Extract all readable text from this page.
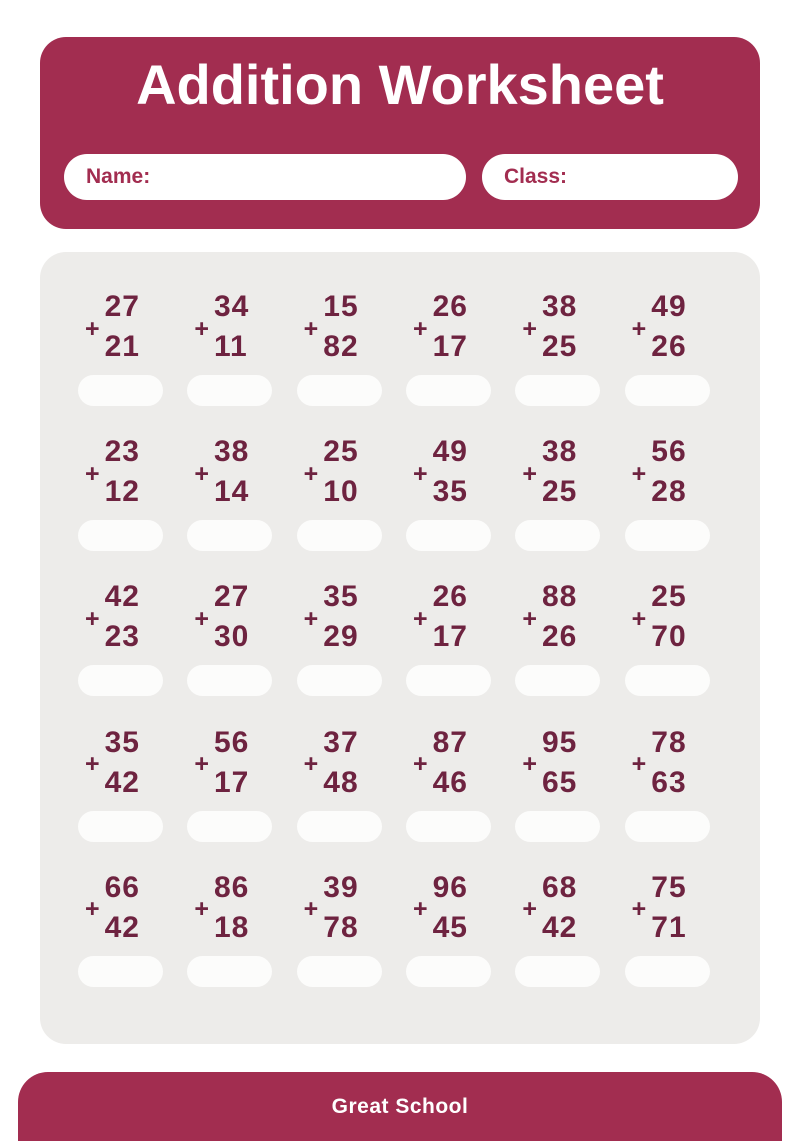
Addition Worksheet
Name:	Class:
+
27
21
+
34
11
+
15
82
+
26
17
+
38
25
+
49
26
+
23
12
+
38
14
+
25
10
+
49
35
+
38
25
+
56
28
+
42
23
+
27
30
+
35
29
+
26
17
+
88
26
+
25
70
+
35
42
+
56
17
+
37
48
+
87
46
+
95
65
+
78
63
+
66
42
+
86
18
+
39
78
+
96
45
+
68
42
+
75
71
Great School
